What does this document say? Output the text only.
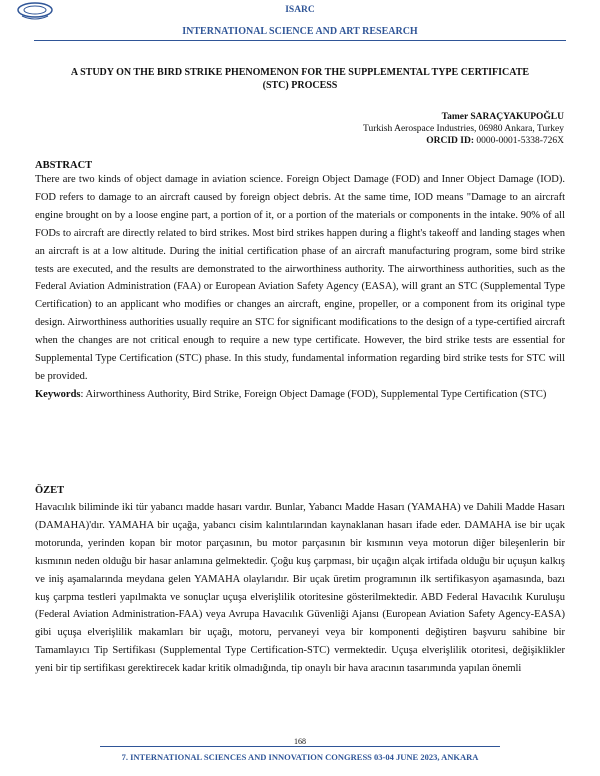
ISARC
INTERNATIONAL SCIENCE AND ART RESEARCH
A STUDY ON THE BIRD STRIKE PHENOMENON FOR THE SUPPLEMENTAL TYPE CERTIFICATE (STC) PROCESS
Tamer SARAÇYAKUPOĞLU
Turkish Aerospace Industries, 06980 Ankara, Turkey
ORCID ID: 0000-0001-5338-726X
ABSTRACT

There are two kinds of object damage in aviation science. Foreign Object Damage (FOD) and Inner Object Damage (IOD). FOD refers to damage to an aircraft caused by foreign object debris. At the same time, IOD means "Damage to an aircraft engine brought on by a loose engine part, a portion of it, or a portion of the materials or components in the intake. 90% of all FODs to aircraft are directly related to bird strikes. Most bird strikes happen during a flight's takeoff and landing stages when an aircraft is at a low altitude. During the initial certification phase of an aircraft manufacturing program, some bird strike tests are executed, and the results are demonstrated to the airworthiness authority. The airworthiness authorities, such as the Federal Aviation Administration (FAA) or European Aviation Safety Agency (EASA), will grant an STC (Supplemental Type Certification) to an applicant who modifies or changes an aircraft, engine, propeller, or a component from its original type design. Airworthiness authorities usually require an STC for significant modifications to the design of a type-certified aircraft when the changes are not critical enough to require a new type certificate. However, the bird strike tests are essential for Supplemental Type Certification (STC) phase. In this study, fundamental information regarding bird strike tests for STC will be provided.

Keywords: Airworthiness Authority, Bird Strike, Foreign Object Damage (FOD), Supplemental Type Certification (STC)

ÖZET

Havacılık biliminde iki tür yabancı madde hasarı vardır. Bunlar, Yabancı Madde Hasarı (YAMAHA) ve Dahili Madde Hasarı (DAMAHA)'dır. YAMAHA bir uçağa, yabancı cisim kalıntılarından kaynaklanan hasarı ifade eder. DAMAHA ise bir uçak motorunda, yerinden kopan bir motor parçasının, bu motor parçasının bir kısmının veya motorun diğer bileşenlerin bir kısmının neden olduğu bir hasar anlamına gelmektedir. Çoğu kuş çarpması, bir uçağın alçak irtifada olduğu bir uçuşun kalkış ve iniş aşamalarında meydana gelen YAMAHA olaylarıdır. Bir uçak üretim programının ilk sertifikasyon aşamasında, bazı kuş çarpma testleri yapılmakta ve sonuçlar uçuşa elverişlilik otoritesine gösterilmektedir. ABD Federal Havacılık Kuruluşu (Federal Aviation Administration-FAA) veya Avrupa Havacılık Güvenliği Ajansı (European Aviation Safety Agency-EASA) gibi uçuşa elverişlilik makamları bir uçağı, motoru, pervaneyi veya bir komponenti değiştiren başvuru sahibine bir Tamamlayıcı Tip Sertifikası (Supplemental Type Certification-STC) vermektedir. Uçuşa elverişlilik otoritesi, değişiklikler yeni bir tip sertifikası gerektirecek kadar kritik olmadığında, tip onaylı bir hava aracının tasarımında yapılan önemli

168
7. INTERNATIONAL SCIENCES AND INNOVATION CONGRESS 03-04 JUNE 2023, ANKARA
